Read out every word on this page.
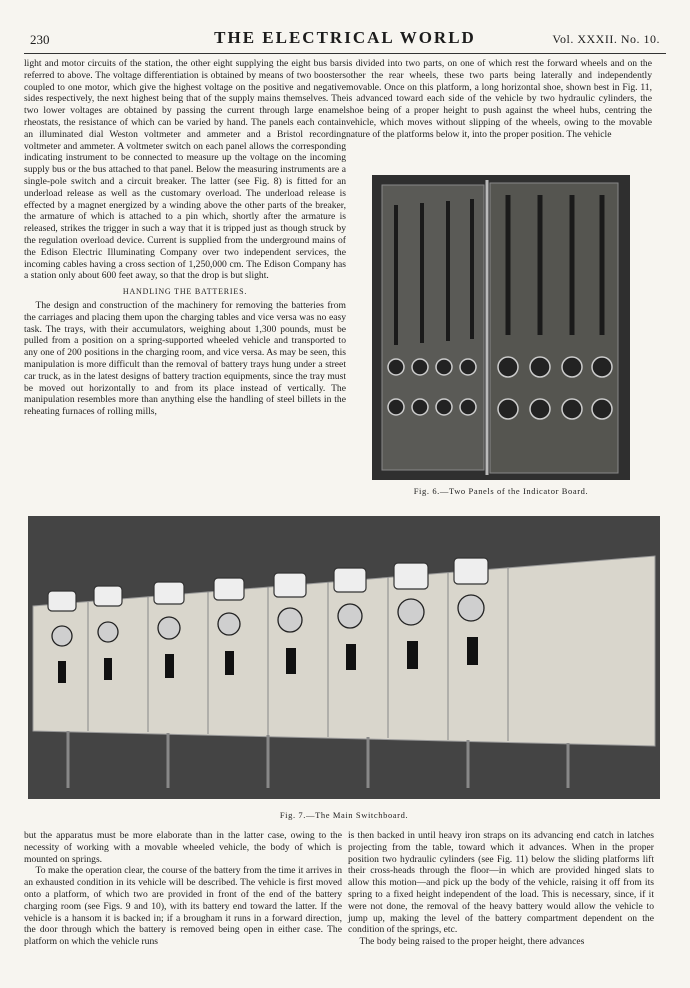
230	THE ELECTRICAL WORLD	Vol. XXXII. No. 10.

light and motor circuits of the station, the other eight supplying the eight bus bars referred to above. The voltage differentiation is obtained by means of two boosters coupled to one motor, which give the highest voltage on the positive and negative sides respectively, the next highest being that of the supply mains themselves. The two lower voltages are obtained by passing the current through large enamel rheostats, the resistance of which can be varied by hand. The panels each contain an illuminated dial Weston voltmeter and ammeter and a Bristol recording voltmeter and ammeter. A voltmeter switch on each panel allows the corresponding indicating instrument to be connected to measure up the voltage on the incoming supply bus or the bus attached to that panel. Below the measuring instruments are a single-pole switch and a circuit breaker. The latter (see Fig. 8) is fitted for an underload release as well as the customary overload. The underload release is effected by a magnet energized by a winding above the other parts of the breaker, the armature of which is attached to a pin which, shortly after the armature is released, strikes the trigger in such a way that it is tripped just as though struck by the regulation overload device. Current is supplied from the underground mains of the Edison Electric Illuminating Company over two independent services, the incoming cables having a cross section of 1,250,000 cm. The Edison Company has a station only about 600 feet away, so that the drop is but slight.

HANDLING THE BATTERIES.

The design and construction of the machinery for removing the batteries from the carriages and placing them upon the charging tables and vice versa was no easy task. The trays, with their accumulators, weighing about 1,300 pounds, must be pulled from a position on a spring-supported wheeled vehicle and transported to any one of 200 positions in the charging room, and vice versa. As may be seen, this manipulation is more difficult than the removal of battery trays hung under a street car truck, as in the latest designs of battery traction equipments, since the tray must be moved out horizontally to and from its place instead of vertically. The manipulation resembles more than anything else the handling of steel billets in the reheating furnaces of rolling mills,

is divided into two parts, on one of which rest the forward wheels and on the other the rear wheels, these two parts being laterally and independently movable. Once on this platform, a long horizontal shoe, shown best in Fig. 11, is advanced toward each side of the vehicle by two hydraulic cylinders, the shoe being of a proper height to push against the wheel hubs, centring the vehicle, which moves without slipping of the wheels, owing to the movable nature of the platforms below it, into the proper position. The vehicle

Fig. 6.—Two Panels of the Indicator Board.
Fig. 7.—The Main Switchboard.

but the apparatus must be more elaborate than in the latter case, owing to the necessity of working with a movable wheeled vehicle, the body of which is mounted on springs.

To make the operation clear, the course of the battery from the time it arrives in an exhausted condition in its vehicle will be described. The vehicle is first moved onto a platform, of which two are provided in front of the end of the battery charging room (see Figs. 9 and 10), with its battery end toward the latter. If the vehicle is a hansom it is backed in; if a brougham it runs in a forward direction, the door through which the battery is removed being open in either case. The platform on which the vehicle runs

is then backed in until heavy iron straps on its advancing end catch in latches projecting from the table, toward which it advances. When in the proper position two hydraulic cylinders (see Fig. 11) below the sliding platforms lift their cross-heads through the floor—in which are provided hinged slats to allow this motion—and pick up the body of the vehicle, raising it off from its spring to a fixed height independent of the load. This is necessary, since, if it were not done, the removal of the heavy battery would allow the vehicle to jump up, making the level of the battery compartment dependent on the condition of the springs, etc.

The body being raised to the proper height, there advances
